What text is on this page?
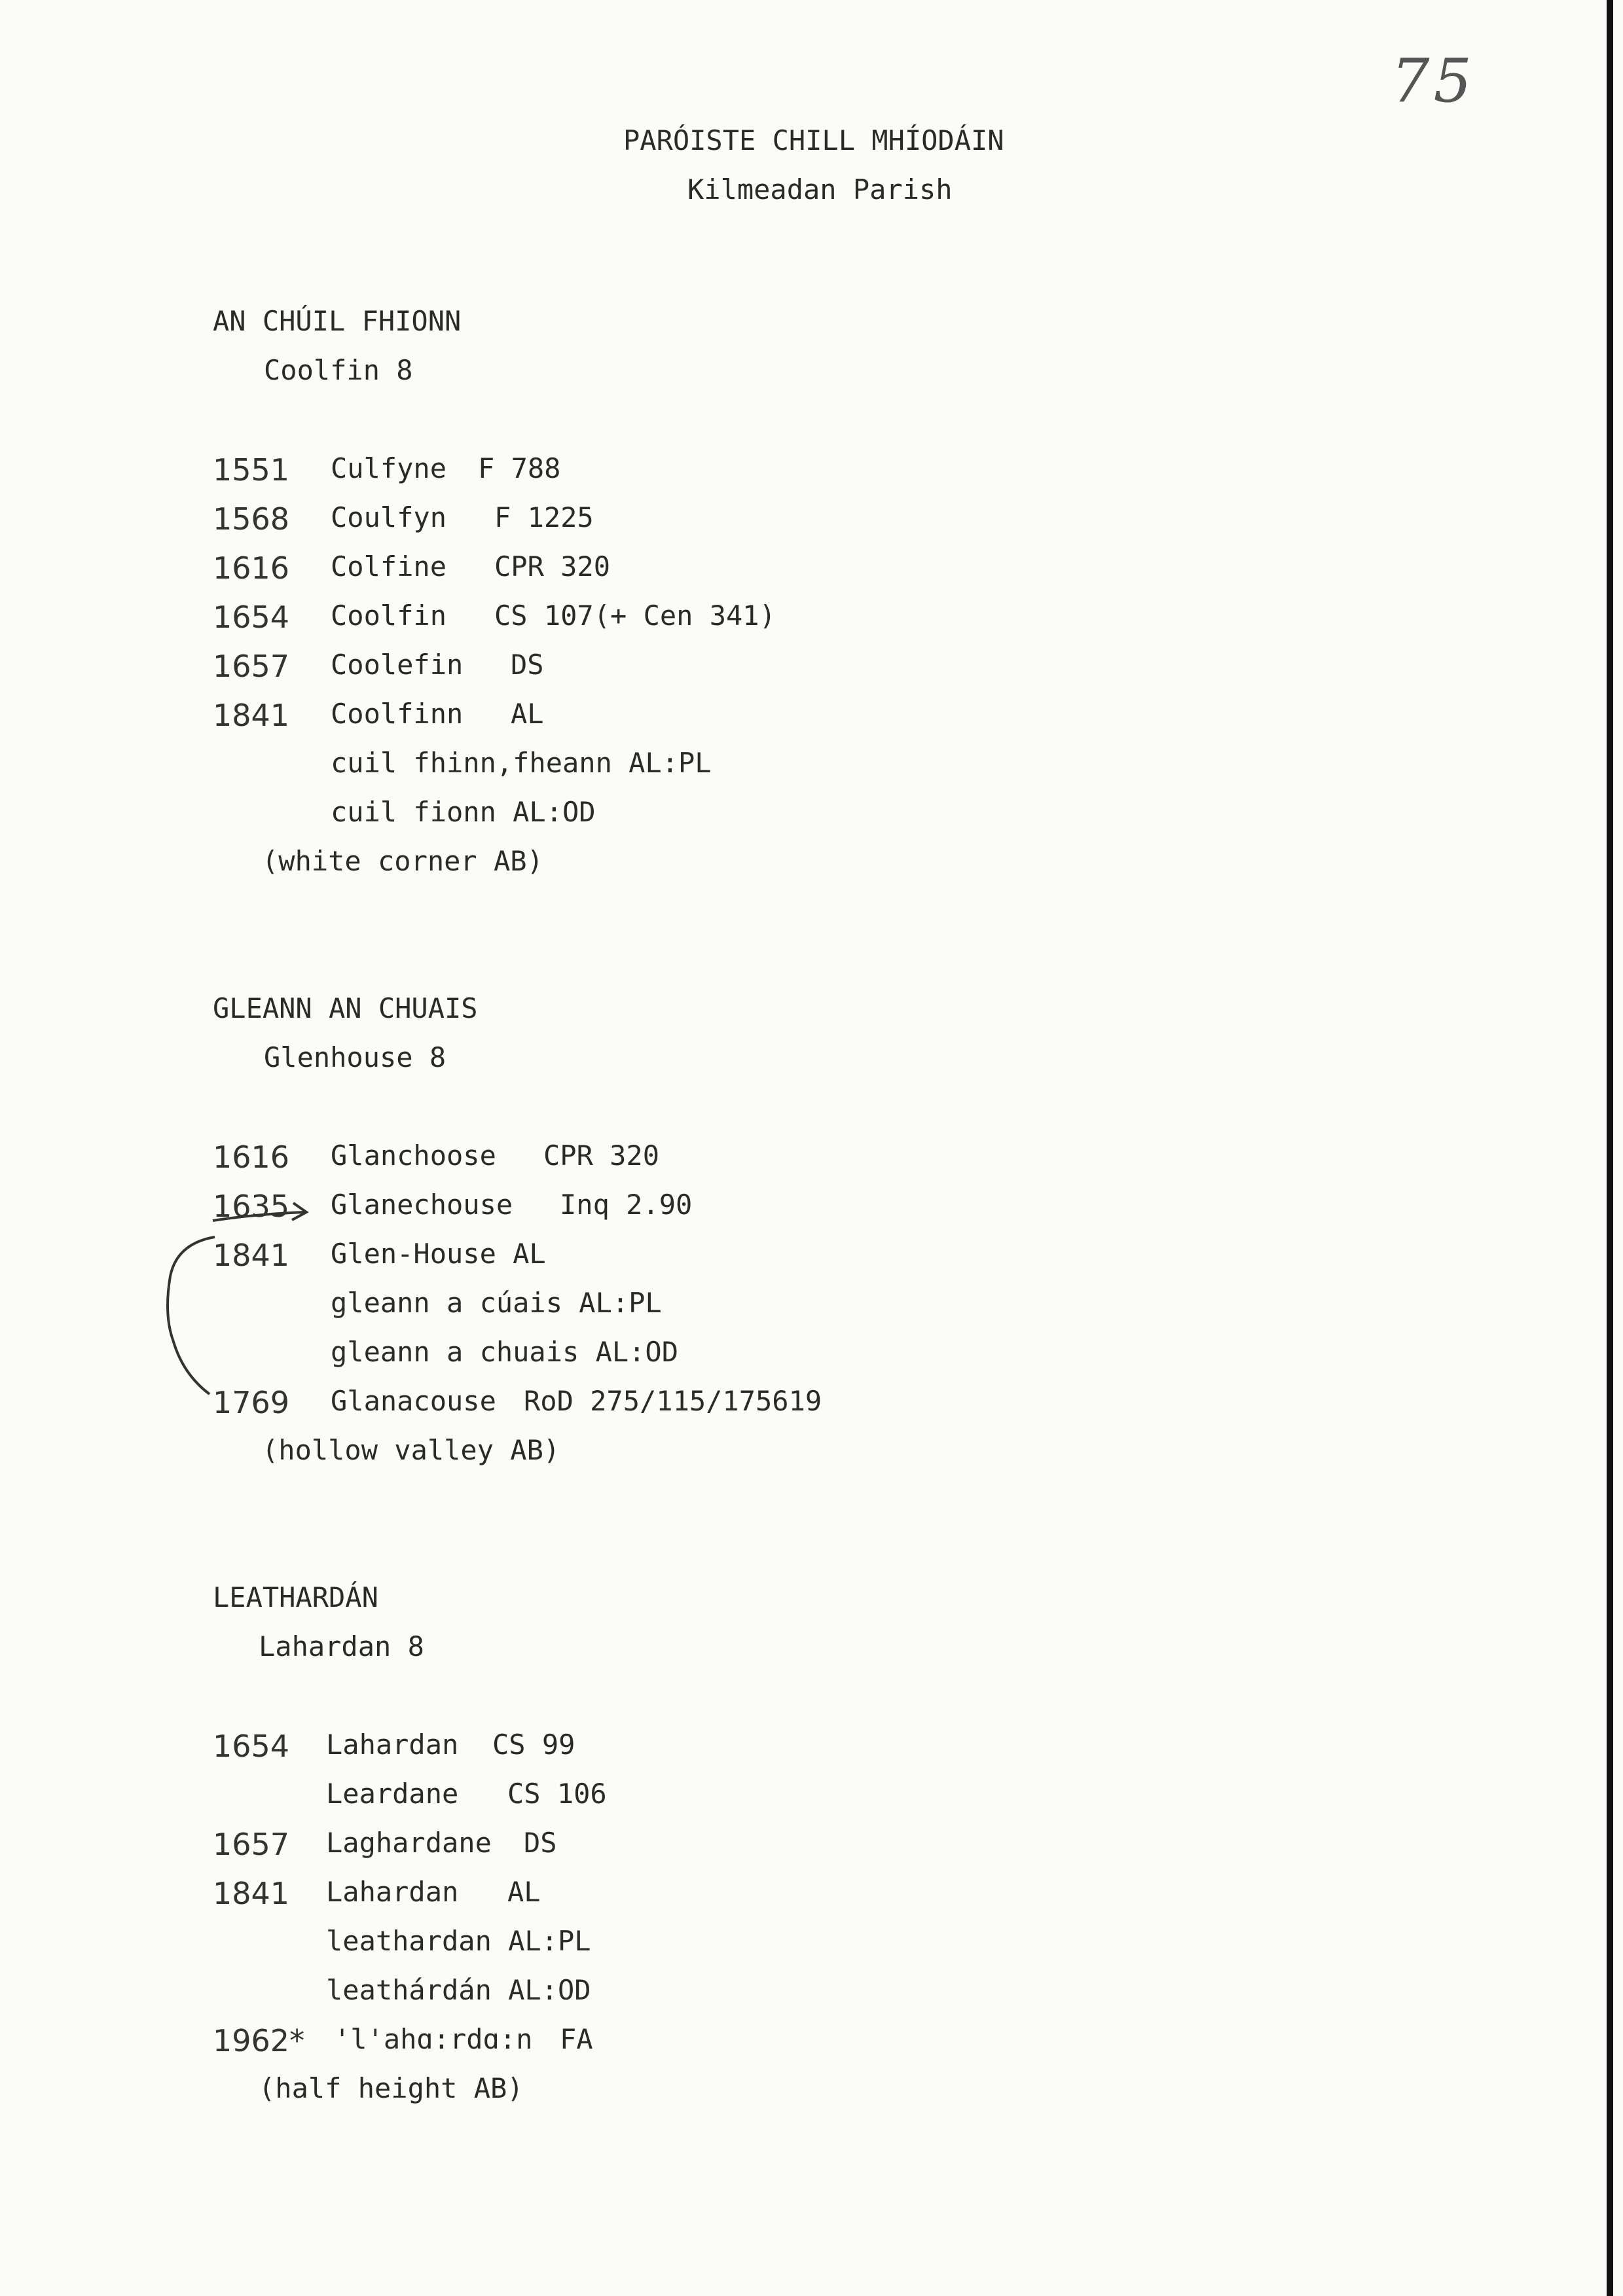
75
PARÓISTE CHILL MHÍODÁIN
Kilmeadan Parish
AN CHÚIL FHIONN
Coolfin 8
1551 Culfyne F 788
1568 Coulfyn F 1225
1616 Colfine CPR 320
1654 Coolfin CS 107(+ Cen 341)
1657 Coolefin DS
1841 Coolfinn AL
cuil fhinn,fheann AL:PL
cuil fionn AL:OD
(white corner AB)
GLEANN AN CHUAIS
Glenhouse 8
1616 Glanchoose CPR 320
1635 Glanechouse Inq 2.90
1841 Glen-House AL
gleann a cúais AL:PL
gleann a chuais AL:OD
1769 Glanacouse RoD 275/115/175619
(hollow valley AB)
LEATHARDÁN
Lahardan 8
1654 Lahardan CS 99
Leardane CS 106
1657 Laghardane DS
1841 Lahardan AL
leathardan AL:PL
leathárdán AL:OD
1962* 'l'ahɑ:rdɑ:n FA
(half height AB)
